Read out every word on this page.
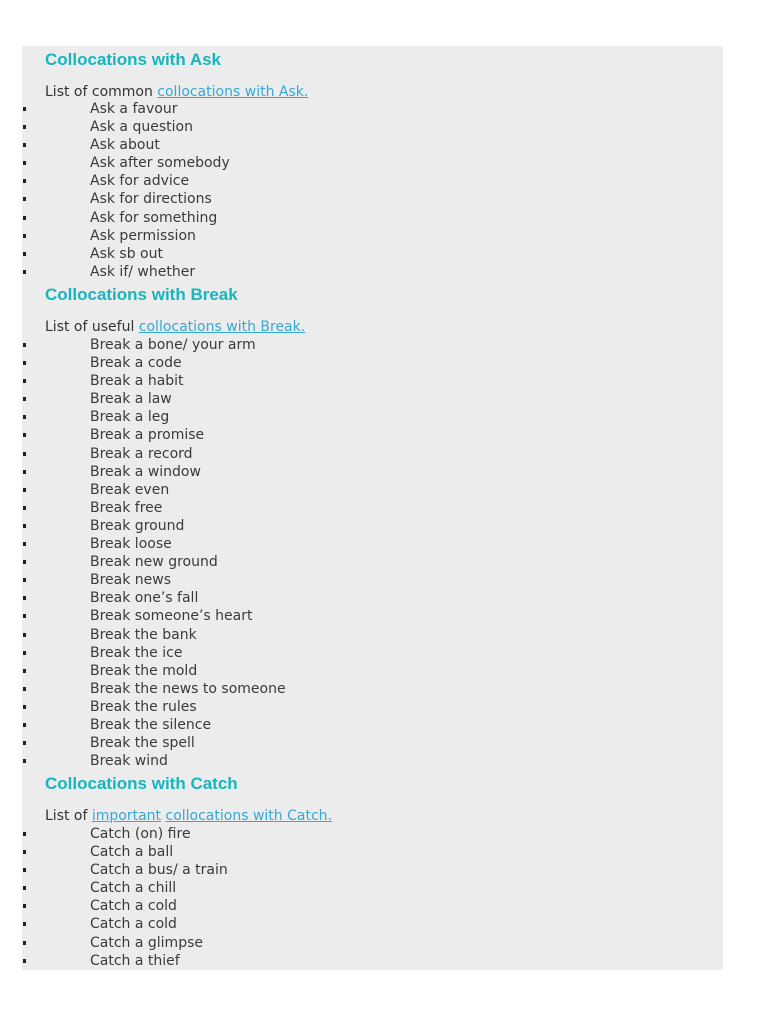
Collocations with Ask
List of common collocations with Ask.
Ask a favour
Ask a question
Ask about
Ask after somebody
Ask for advice
Ask for directions
Ask for something
Ask permission
Ask sb out
Ask if/ whether
Collocations with Break
List of useful collocations with Break.
Break a bone/ your arm
Break a code
Break a habit
Break a law
Break a leg
Break a promise
Break a record
Break a window
Break even
Break free
Break ground
Break loose
Break new ground
Break news
Break one’s fall
Break someone’s heart
Break the bank
Break the ice
Break the mold
Break the news to someone
Break the rules
Break the silence
Break the spell
Break wind
Collocations with Catch
List of important collocations with Catch.
Catch (on) fire
Catch a ball
Catch a bus/ a train
Catch a chill
Catch a cold
Catch a cold
Catch a glimpse
Catch a thief
